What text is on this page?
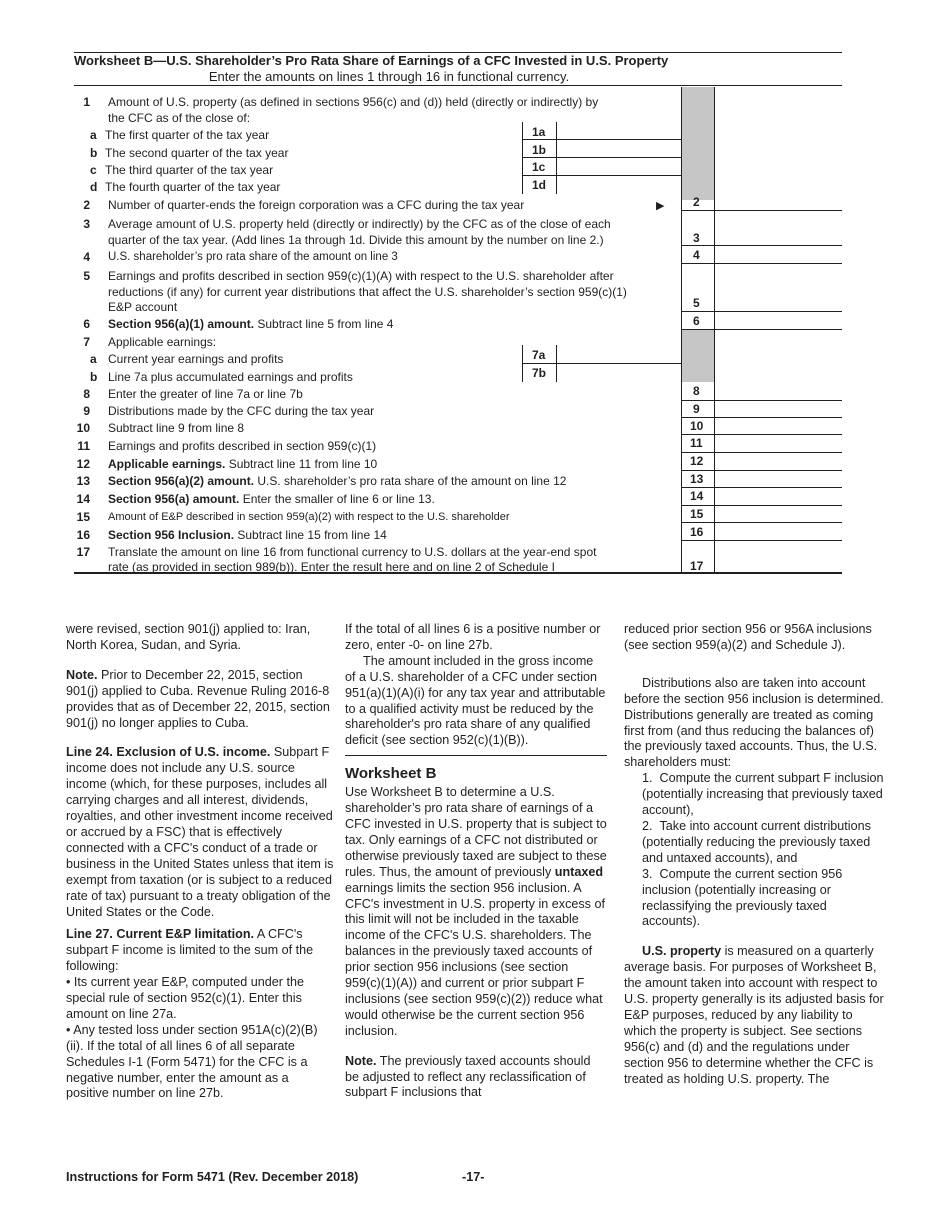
Worksheet B—U.S. Shareholder’s Pro Rata Share of Earnings of a CFC Invested in U.S. Property
Enter the amounts on lines 1 through 16 in functional currency.
1 Amount of U.S. property (as defined in sections 956(c) and (d)) held (directly or indirectly) by
the CFC as of the close of:
a The first quarter of the tax year	1a
b The second quarter of the tax year	1b
c The third quarter of the tax year	1c
d The fourth quarter of the tax year	1d
2 Number of quarter-ends the foreign corporation was a CFC during the tax year	▶ 2
3 Average amount of U.S. property held (directly or indirectly) by the CFC as of the close of each
quarter of the tax year. (Add lines 1a through 1d. Divide this amount by the number on line 2.)	3
4 U.S. shareholder’s pro rata share of the amount on line 3	4
5 Earnings and profits described in section 959(c)(1)(A) with respect to the U.S. shareholder after
reductions (if any) for current year distributions that affect the U.S. shareholder’s section 959(c)(1)
E&P account	5
6 Section 956(a)(1) amount. Subtract line 5 from line 4	6
7 Applicable earnings:
a Current year earnings and profits	7a
b Line 7a plus accumulated earnings and profits	7b
8 Enter the greater of line 7a or line 7b	8
9 Distributions made by the CFC during the tax year	9
10 Subtract line 9 from line 8	10
11 Earnings and profits described in section 959(c)(1)	11
12 Applicable earnings. Subtract line 11 from line 10	12
13 Section 956(a)(2) amount. U.S. shareholder’s pro rata share of the amount on line 12	13
14 Section 956(a) amount. Enter the smaller of line 6 or line 13.	14
15 Amount of E&P described in section 959(a)(2) with respect to the U.S. shareholder	15
16 Section 956 Inclusion. Subtract line 15 from line 14	16
17 Translate the amount on line 16 from functional currency to U.S. dollars at the year-end spot
rate (as provided in section 989(b)). Enter the result here and on line 2 of Schedule I	17

were revised, section 901(j) applied to: Iran, North Korea, Sudan, and Syria.

Note. Prior to December 22, 2015, section 901(j) applied to Cuba. Revenue Ruling 2016-8 provides that as of December 22, 2015, section 901(j) no longer applies to Cuba.

Line 24. Exclusion of U.S. income. Subpart F income does not include any U.S. source income (which, for these purposes, includes all carrying charges and all interest, dividends, royalties, and other investment income received or accrued by a FSC) that is effectively connected with a CFC's conduct of a trade or business in the United States unless that item is exempt from taxation (or is subject to a reduced rate of tax) pursuant to a treaty obligation of the United States or the Code.

Line 27. Current E&P limitation. A CFC's subpart F income is limited to the sum of the following:

• Its current year E&P, computed under the special rule of section 952(c)(1). Enter this amount on line 27a.

• Any tested loss under section 951A(c)(2)(B)(ii). If the total of all lines 6 of all separate Schedules I-1 (Form 5471) for the CFC is a negative number, enter the amount as a positive number on line 27b.

If the total of all lines 6 is a positive number or zero, enter -0- on line 27b.

The amount included in the gross income of a U.S. shareholder of a CFC under section 951(a)(1)(A)(i) for any tax year and attributable to a qualified activity must be reduced by the shareholder's pro rata share of any qualified deficit (see section 952(c)(1)(B)).

Worksheet B

Use Worksheet B to determine a U.S. shareholder’s pro rata share of earnings of a CFC invested in U.S. property that is subject to tax. Only earnings of a CFC not distributed or otherwise previously taxed are subject to these rules. Thus, the amount of previously untaxed earnings limits the section 956 inclusion. A CFC's investment in U.S. property in excess of this limit will not be included in the taxable income of the CFC's U.S. shareholders. The balances in the previously taxed accounts of prior section 956 inclusions (see section 959(c)(1)(A)) and current or prior subpart F inclusions (see section 959(c)(2)) reduce what would otherwise be the current section 956 inclusion.

Note. The previously taxed accounts should be adjusted to reflect any reclassification of subpart F inclusions that

reduced prior section 956 or 956A inclusions (see section 959(a)(2) and Schedule J).

Distributions also are taken into account before the section 956 inclusion is determined. Distributions generally are treated as coming first from (and thus reducing the balances of) the previously taxed accounts. Thus, the U.S. shareholders must:

1.  Compute the current subpart F inclusion (potentially increasing that previously taxed account),

2.  Take into account current distributions (potentially reducing the previously taxed and untaxed accounts), and

3.  Compute the current section 956 inclusion (potentially increasing or reclassifying the previously taxed accounts).

U.S. property is measured on a quarterly average basis. For purposes of Worksheet B, the amount taken into account with respect to U.S. property generally is its adjusted basis for E&P purposes, reduced by any liability to which the property is subject. See sections 956(c) and (d) and the regulations under section 956 to determine whether the CFC is treated as holding U.S. property. The

Instructions for Form 5471 (Rev. December 2018)	-17-
